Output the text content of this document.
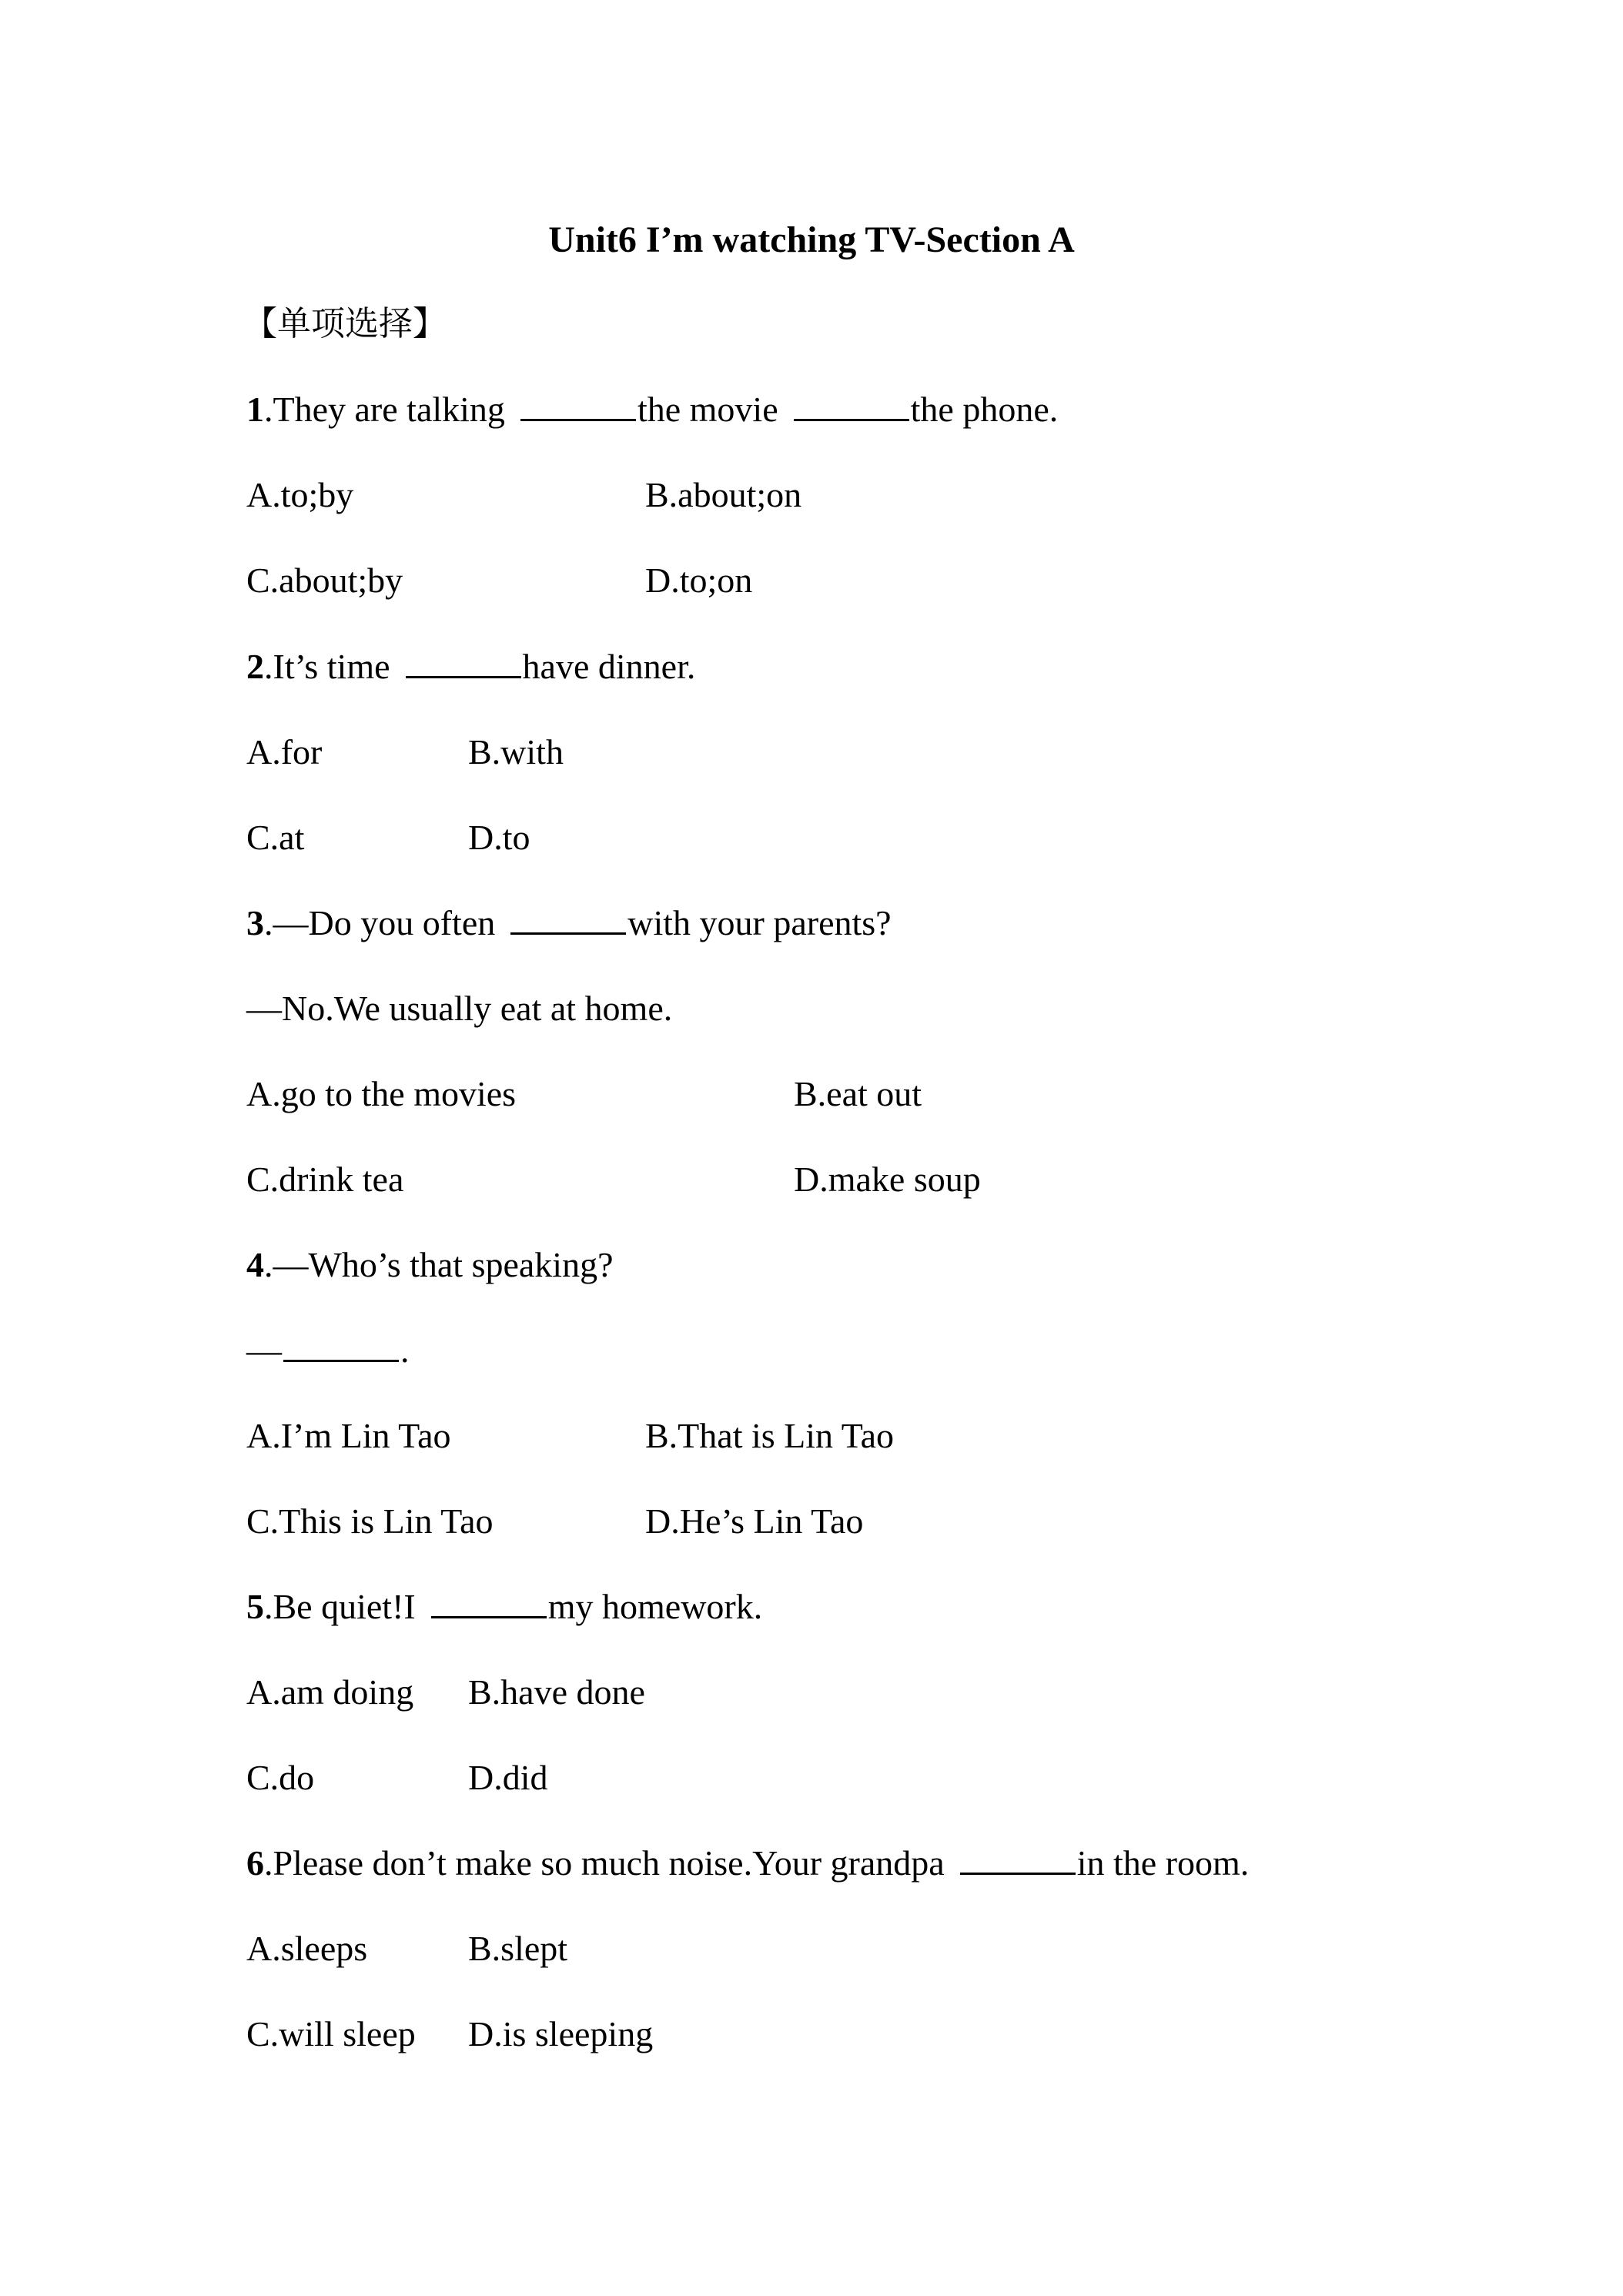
Unit6 I’m watching TV-Section A
【单项选择】
1.They are talking	the movie	the phone.
A.to;by	B.about;on
C.about;by	D.to;on
2.It’s time	have dinner.
A.for	B.with
C.at	D.to
3.—Do you often	with your parents?
—No.We usually eat at home.
A.go to the movies	B.eat out
C.drink tea	D.make soup
4.—Who’s that speaking?
—	.
A.I’m Lin Tao	B.That is Lin Tao
C.This is Lin Tao	D.He’s Lin Tao
5.Be quiet!I	my homework.
A.am doing B.have done
C.do	D.did
6.Please don’t make so much noise.Your grandpa	in the room.
A.sleeps	B.slept
C.will sleep D.is sleeping
